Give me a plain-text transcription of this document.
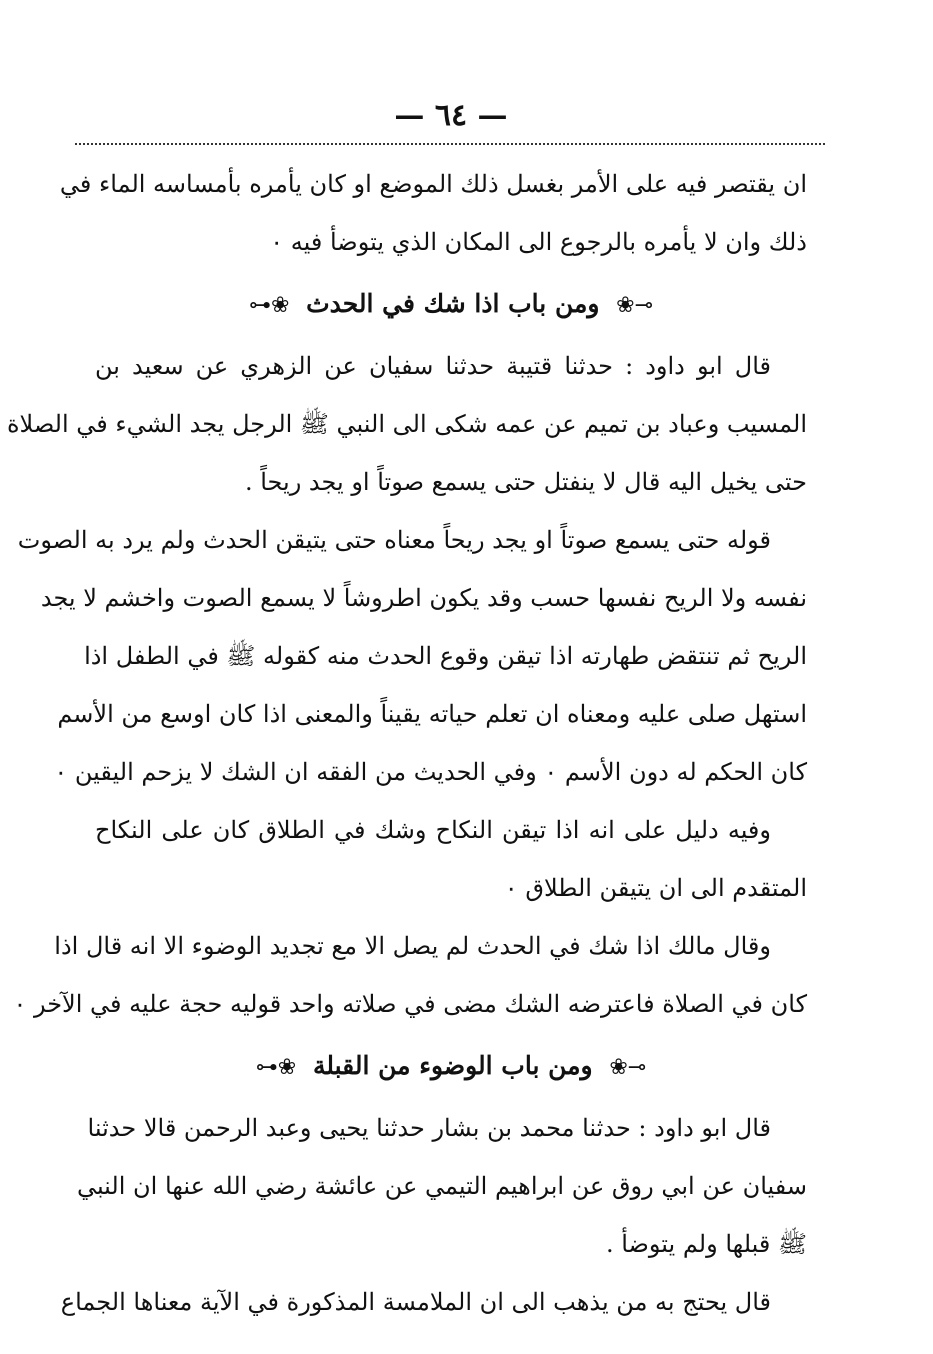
— ٦٤ —
ان يقتصر فيه على الأمر بغسل ذلك الموضع او كان يأمره بأمساسه الماء في
ذلك وان لا يأمره بالرجوع الى المكان الذي يتوضأ فيه ٠
⊸❀ ومن باب اذا شك في الحدث ❀⊷
قال ابو داود : حدثنا قتيبة حدثنا سفيان عن الزهري عن سعيد بن
المسيب وعباد بن تميم عن عمه شكى الى النبي ﷺ الرجل يجد الشيء في الصلاة
حتى يخيل اليه قال لا ينفتل حتى يسمع صوتاً او يجد ريحاً .
قوله حتى يسمع صوتاً او يجد ريحاً معناه حتى يتيقن الحدث ولم يرد به الصوت
نفسه ولا الريح نفسها حسب وقد يكون اطروشاً لا يسمع الصوت واخشم لا يجد
الريح ثم تنتقض طهارته اذا تيقن وقوع الحدث منه كقوله ﷺ في الطفل اذا
استهل صلى عليه ومعناه ان تعلم حياته يقيناً والمعنى اذا كان اوسع من الأسم
كان الحكم له دون الأسم ٠ وفي الحديث من الفقه ان الشك لا يزحم اليقين ٠
وفيه دليل على انه اذا تيقن النكاح وشك في الطلاق كان على النكاح
المتقدم الى ان يتيقن الطلاق ٠
وقال مالك اذا شك في الحدث لم يصل الا مع تجديد الوضوء الا انه قال اذا
كان في الصلاة فاعترضه الشك مضى في صلاته واحد قوليه حجة عليه في الآخر ٠
⊸❀ ومن باب الوضوء من القبلة ❀⊷
قال ابو داود : حدثنا محمد بن بشار حدثنا يحيى وعبد الرحمن قالا حدثنا
سفيان عن ابي روق عن ابراهيم التيمي عن عائشة رضي الله عنها ان النبي
ﷺ قبلها ولم يتوضأ .
قال يحتج به من يذهب الى ان الملامسة المذكورة في الآية معناها الجماع
